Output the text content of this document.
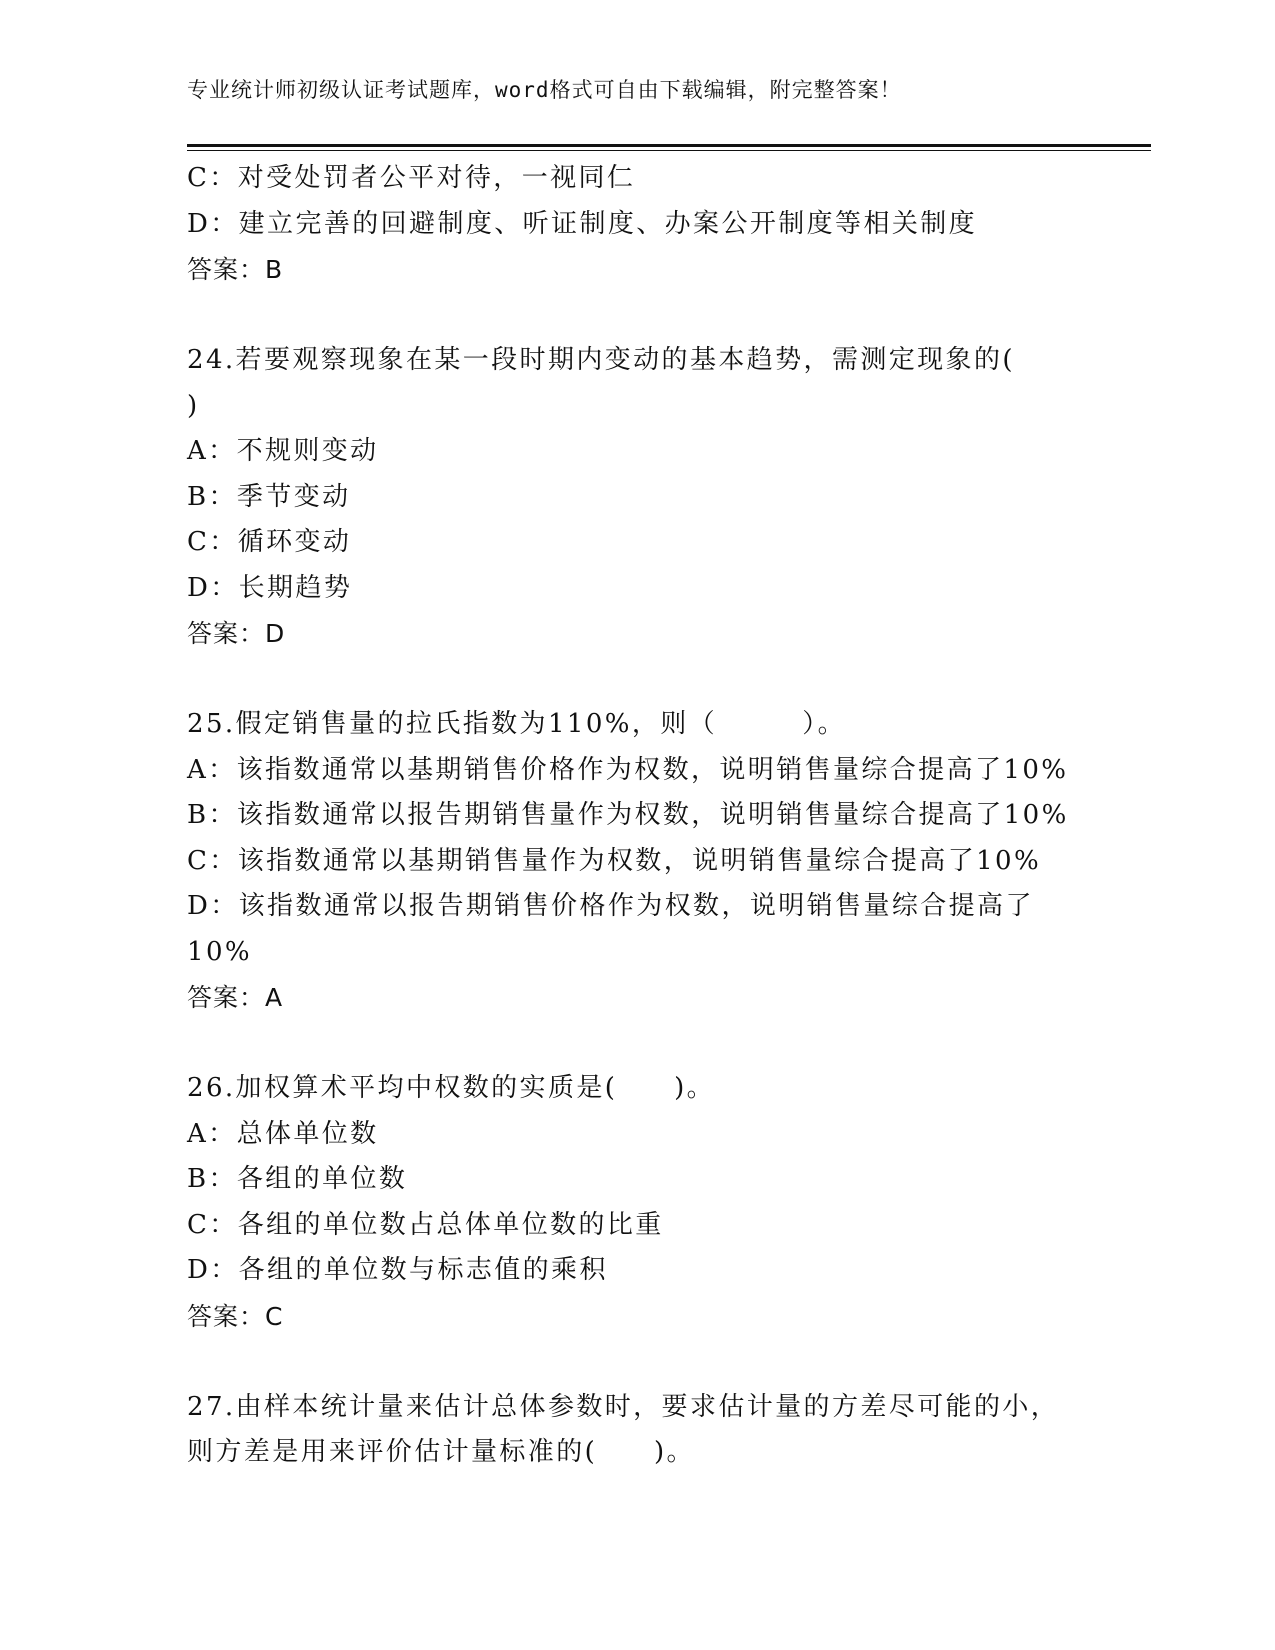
专业统计师初级认证考试题库，word格式可自由下载编辑，附完整答案！
C：对受处罚者公平对待，一视同仁
D：建立完善的回避制度、听证制度、办案公开制度等相关制度
答案：B
24.若要观察现象在某一段时期内变动的基本趋势，需测定现象的(
)
A：不规则变动
B：季节变动
C：循环变动
D：长期趋势
答案：D
25.假定销售量的拉氏指数为110%，则（　　　）。
A：该指数通常以基期销售价格作为权数，说明销售量综合提高了10%
B：该指数通常以报告期销售量作为权数，说明销售量综合提高了10%
C：该指数通常以基期销售量作为权数，说明销售量综合提高了10%
D：该指数通常以报告期销售价格作为权数，说明销售量综合提高了
10%
答案：A
26.加权算术平均中权数的实质是(　　)。
A：总体单位数
B：各组的单位数
C：各组的单位数占总体单位数的比重
D：各组的单位数与标志值的乘积
答案：C
27.由样本统计量来估计总体参数时，要求估计量的方差尽可能的小，
则方差是用来评价估计量标准的(　　)。
